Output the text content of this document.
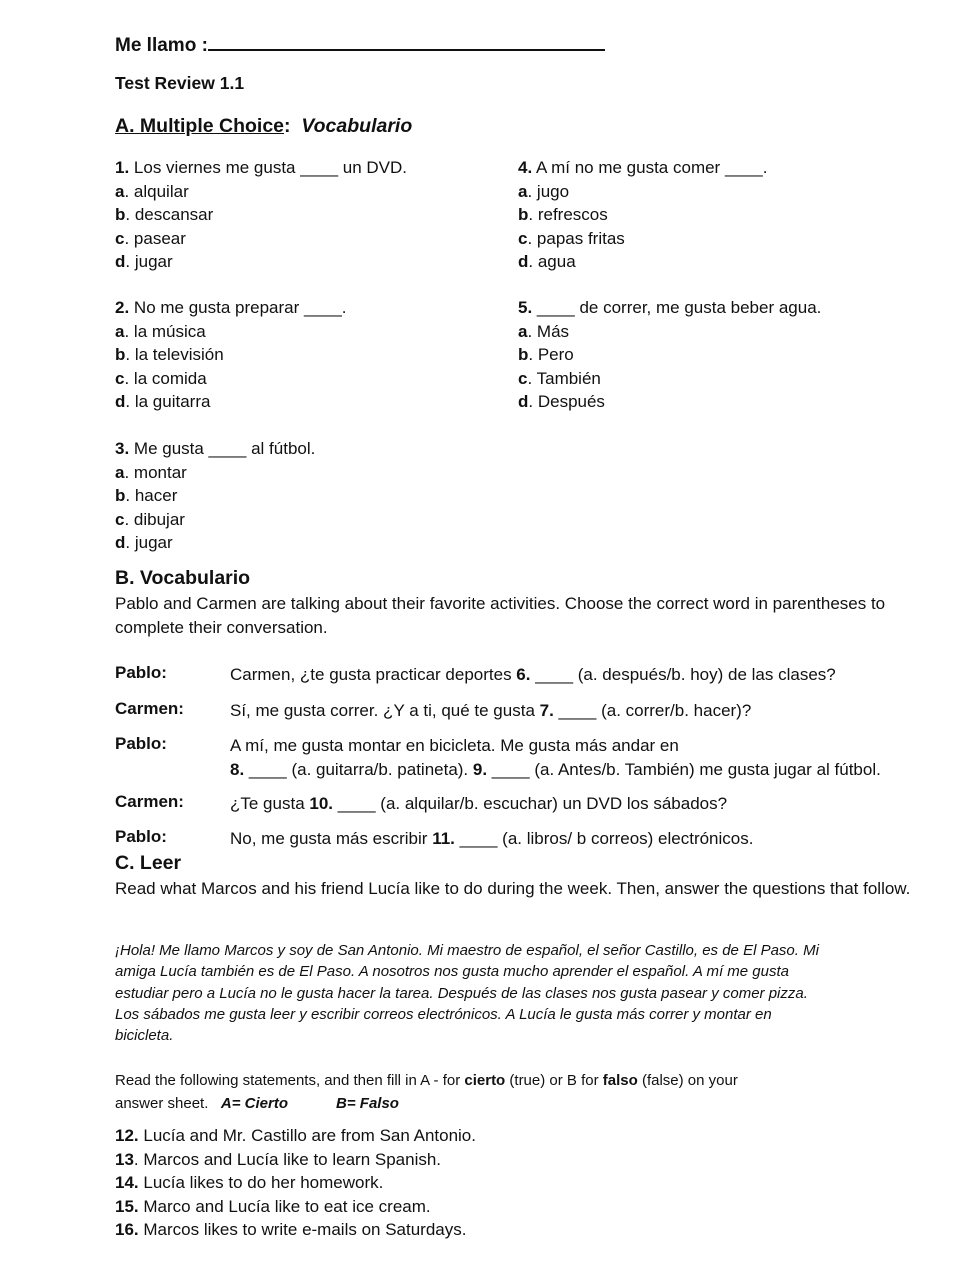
Me llamo :
Test Review 1.1
A. Multiple Choice: Vocabulario
1. Los viernes me gusta ____ un DVD.
a. alquilar
b. descansar
c. pasear
d. jugar
2. No me gusta preparar ____.
a. la música
b. la televisión
c. la comida
d. la guitarra
3. Me gusta ____ al fútbol.
a. montar
b. hacer
c. dibujar
d. jugar
4. A mí no me gusta comer ____.
a. jugo
b. refrescos
c. papas fritas
d. agua
5. ____ de correr, me gusta beber agua.
a. Más
b. Pero
c. También
d. Después
B. Vocabulario
Pablo and Carmen are talking about their favorite activities. Choose the correct word in parentheses to complete their conversation.
Pablo:	Carmen, ¿te gusta practicar deportes 6. ____ (a. después/b. hoy) de las clases?
Carmen:	Sí, me gusta correr. ¿Y a ti, qué te gusta 7. ____ (a. correr/b. hacer)?
Pablo:	A mí, me gusta montar en bicicleta. Me gusta más andar en
8. ____ (a. guitarra/b. patineta). 9. ____ (a. Antes/b. También) me gusta jugar al fútbol.
Carmen:	¿Te gusta 10. ____ (a. alquilar/b. escuchar) un DVD los sábados?
Pablo:	No, me gusta más escribir 11. ____ (a. libros/ b correos) electrónicos.
C. Leer
Read what Marcos and his friend Lucía like to do during the week. Then, answer the questions that follow.
¡Hola! Me llamo Marcos y soy de San Antonio. Mi maestro de español, el señor Castillo, es de El Paso. Mi
amiga Lucía también es de El Paso. A nosotros nos gusta mucho aprender el español. A mí me gusta
estudiar pero a Lucía no le gusta hacer la tarea. Después de las clases nos gusta pasear y comer pizza.
Los sábados me gusta leer y escribir correos electrónicos. A Lucía le gusta más correr y montar en
bicicleta.
Read the following statements, and then fill in A - for cierto (true) or B for falso (false) on your
answer sheet. A= Cierto	B= Falso
12. Lucía and Mr. Castillo are from San Antonio.
13. Marcos and Lucía like to learn Spanish.
14. Lucía likes to do her homework.
15. Marco and Lucía like to eat ice cream.
16. Marcos likes to write e-mails on Saturdays.
